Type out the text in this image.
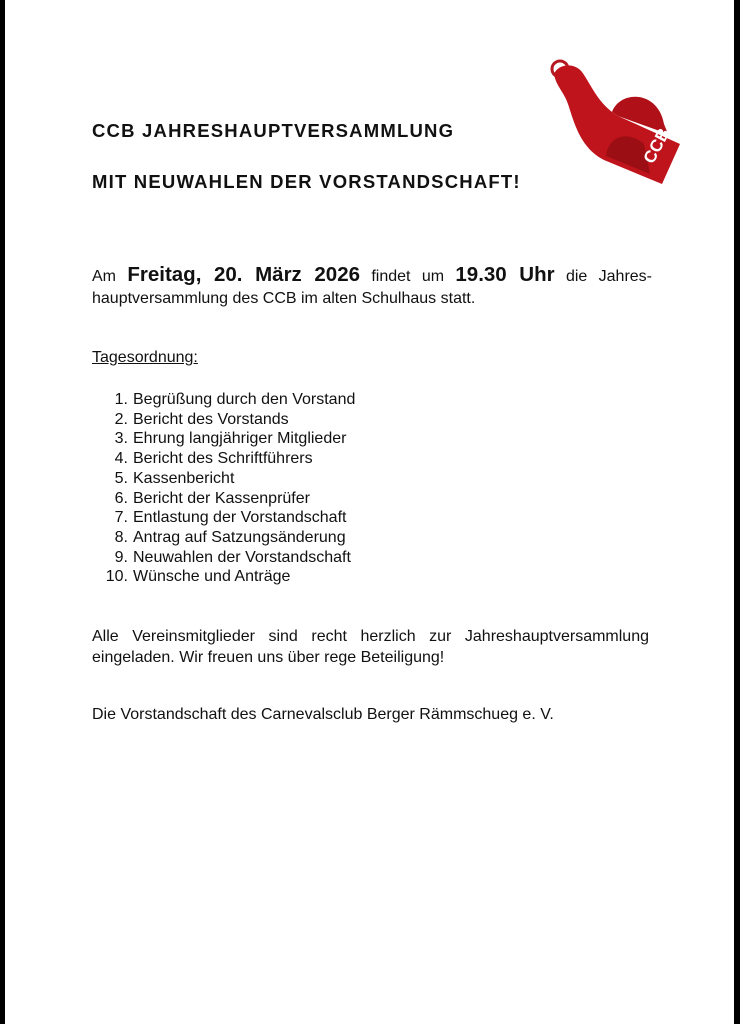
CCB JAHRESHAUPTVERSAMMLUNG
MIT NEUWAHLEN DER VORSTANDSCHAFT!
CCB
Am Freitag, 20. März 2026 findet um 19.30 Uhr die Jahres-hauptversammlung des CCB im alten Schulhaus statt.
Tagesordnung:
1. Begrüßung durch den Vorstand
2. Bericht des Vorstands
3. Ehrung langjähriger Mitglieder
4. Bericht des Schriftführers
5. Kassenbericht
6. Bericht der Kassenprüfer
7. Entlastung der Vorstandschaft
8. Antrag auf Satzungsänderung
9. Neuwahlen der Vorstandschaft
10. Wünsche und Anträge
Alle Vereinsmitglieder sind recht herzlich zur Jahreshauptversammlung
eingeladen. Wir freuen uns über rege Beteiligung!
Die Vorstandschaft des Carnevalsclub Berger Rämmschueg e. V.
